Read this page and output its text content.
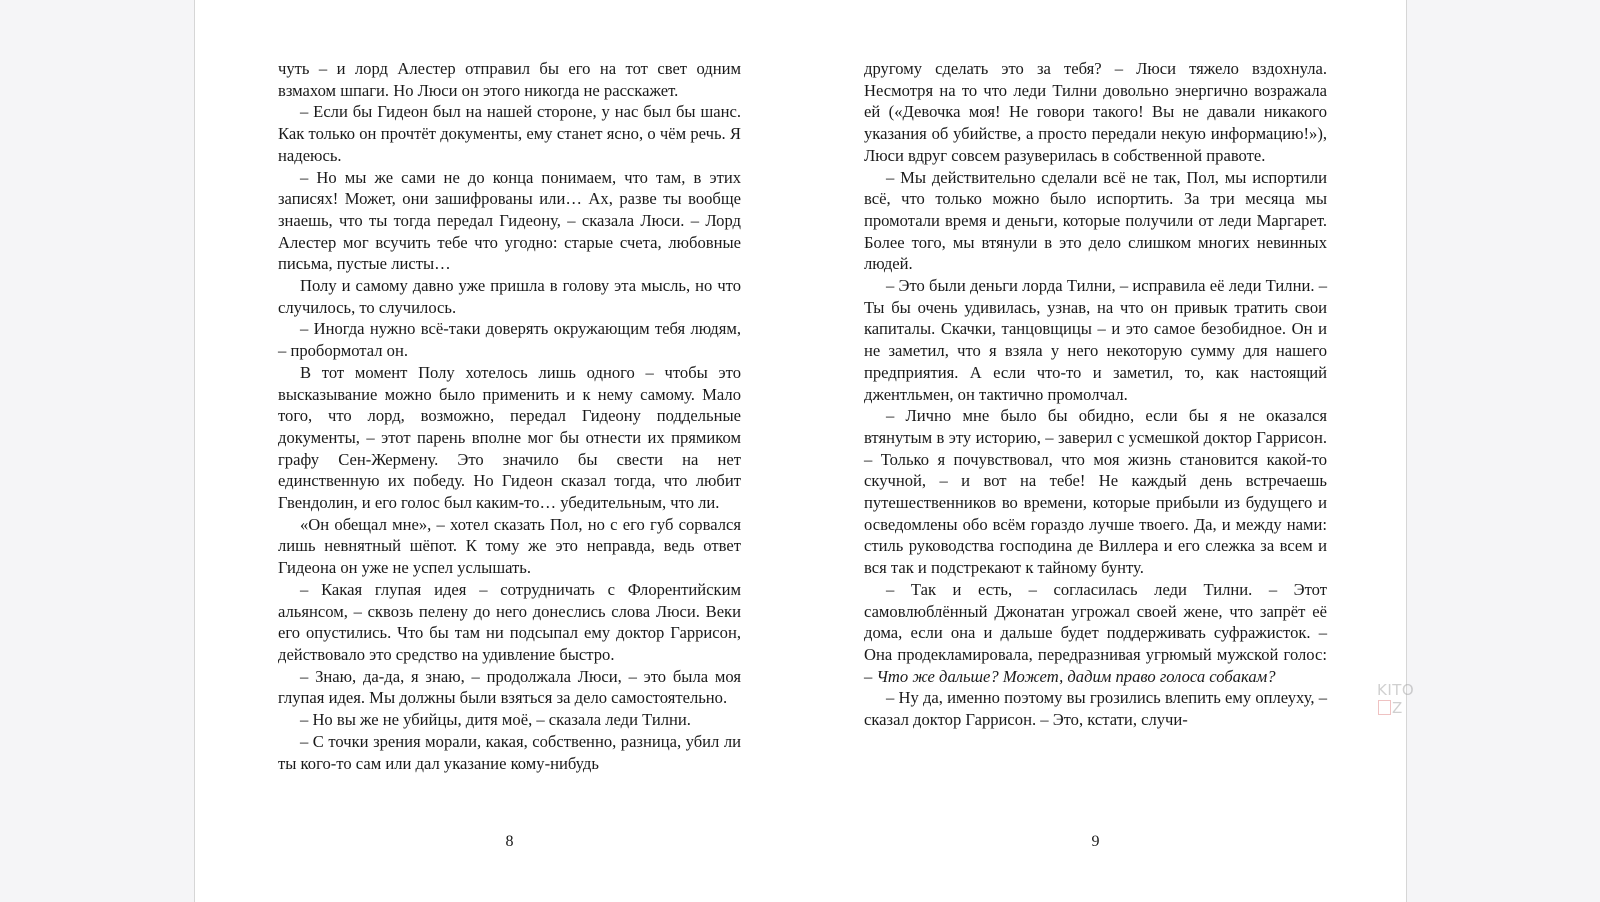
чуть – и лорд Алестер отправил бы его на тот свет одним взмахом шпаги. Но Люси он этого никогда не расскажет.

– Если бы Гидеон был на нашей стороне, у нас был бы шанс. Как только он прочтёт документы, ему станет ясно, о чём речь. Я надеюсь.

– Но мы же сами не до конца понимаем, что там, в этих записях! Может, они зашифрованы или… Ах, разве ты вообще знаешь, что ты тогда передал Гидеону, – сказала Люси. – Лорд Алестер мог всучить тебе что угодно: старые счета, любовные письма, пустые листы…

Полу и самому давно уже пришла в голову эта мысль, но что случилось, то случилось.

– Иногда нужно всё-таки доверять окружающим тебя людям, – пробормотал он.

В тот момент Полу хотелось лишь одного – чтобы это высказывание можно было применить и к нему самому. Мало того, что лорд, возможно, передал Гидеону поддельные документы, – этот парень вполне мог бы отнести их прямиком графу Сен-Жермену. Это значило бы свести на нет единственную их победу. Но Гидеон сказал тогда, что любит Гвендолин, и его голос был каким-то… убедительным, что ли.

«Он обещал мне», – хотел сказать Пол, но с его губ сорвался лишь невнятный шёпот. К тому же это неправда, ведь ответ Гидеона он уже не успел услышать.

– Какая глупая идея – сотрудничать с Флорентийским альянсом, – сквозь пелену до него донеслись слова Люси. Веки его опустились. Что бы там ни подсыпал ему доктор Гаррисон, действовало это средство на удивление быстро.

– Знаю, да-да, я знаю, – продолжала Люси, – это была моя глупая идея. Мы должны были взяться за дело самостоятельно.

– Но вы же не убийцы, дитя моё, – сказала леди Тилни.

– С точки зрения морали, какая, собственно, разница, убил ли ты кого-то сам или дал указание кому-нибудь

8

другому сделать это за тебя? – Люси тяжело вздохнула. Несмотря на то что леди Тилни довольно энергично возражала ей («Девочка моя! Не говори такого! Вы не давали никакого указания об убийстве, а просто передали некую информацию!»), Люси вдруг совсем разуверилась в собственной правоте.

– Мы действительно сделали всё не так, Пол, мы испортили всё, что только можно было испортить. За три месяца мы промотали время и деньги, которые получили от леди Маргарет. Более того, мы втянули в это дело слишком многих невинных людей.

– Это были деньги лорда Тилни, – исправила её леди Тилни. – Ты бы очень удивилась, узнав, на что он привык тратить свои капиталы. Скачки, танцовщицы – и это самое безобидное. Он и не заметил, что я взяла у него некоторую сумму для нашего предприятия. А если что-то и заметил, то, как настоящий джентльмен, он тактично промолчал.

– Лично мне было бы обидно, если бы я не оказался втянутым в эту историю, – заверил с усмешкой доктор Гаррисон. – Только я почувствовал, что моя жизнь становится какой-то скучной, – и вот на тебе! Не каждый день встречаешь путешественников во времени, которые прибыли из будущего и осведомлены обо всём гораздо лучше твоего. Да, и между нами: стиль руководства господина де Виллера и его слежка за всем и вся так и подстрекают к тайному бунту.

– Так и есть, – согласилась леди Тилни. – Этот самовлюблённый Джонатан угрожал своей жене, что запрёт её дома, если она и дальше будет поддерживать суфражисток. – Она продекламировала, передразнивая угрюмый мужской голос: – Что же дальше? Может, дадим право голоса собакам?

– Ну да, именно поэтому вы грозились влепить ему оплеуху, – сказал доктор Гаррисон. – Это, кстати, случи-

9
KITOZ
